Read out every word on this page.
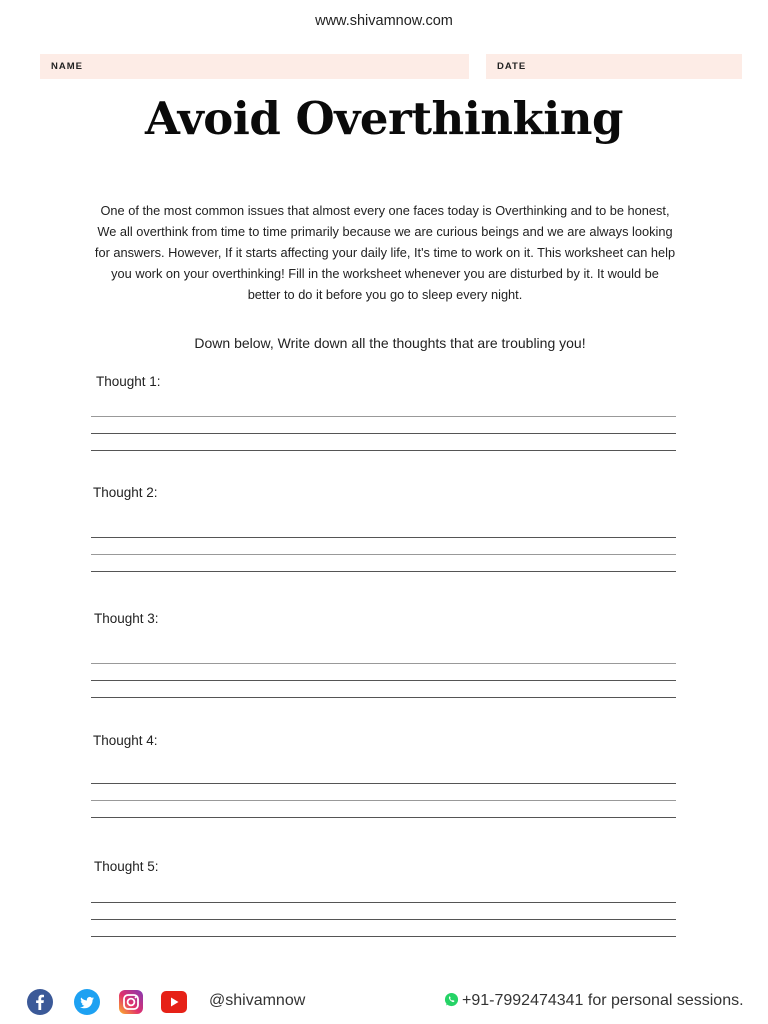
www.shivamnow.com
NAME	DATE
Avoid Overthinking
One of the most common issues that almost every one faces today is Overthinking and to be honest, We all overthink from time to time primarily because we are curious beings and we are always looking for answers. However, If it starts affecting your daily life, It's time to work on it. This worksheet can help you work on your overthinking! Fill in the worksheet whenever you are disturbed by it. It would be better to do it before you go to sleep every night.
Down below, Write down all the thoughts that are troubling you!
Thought 1:
Thought 2:
Thought 3:
Thought 4:
Thought 5:
@shivamnow	+91-7992474341 for personal sessions.
